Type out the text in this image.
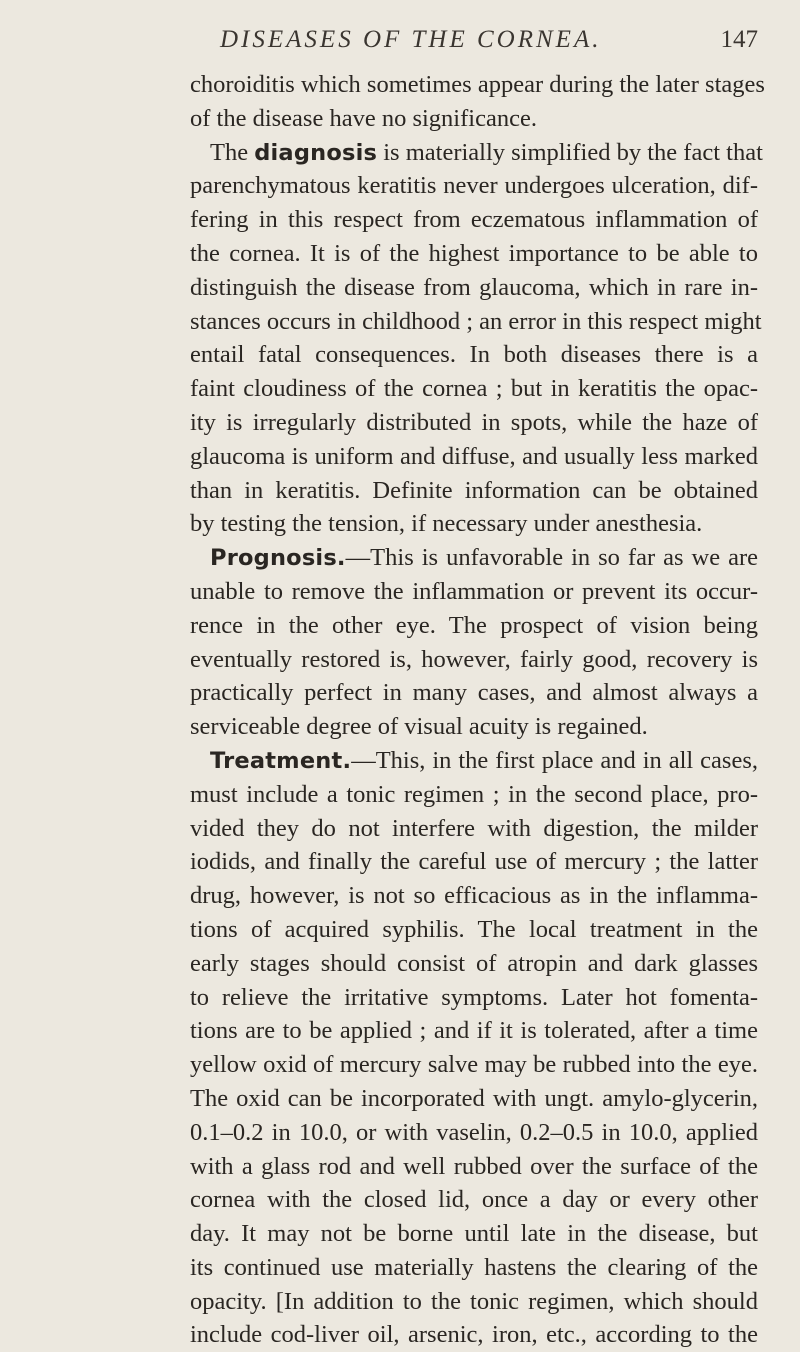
DISEASES OF THE CORNEA.	147
choroiditis which sometimes appear during the later stages
of the disease have no significance.
The diagnosis is materially simplified by the fact that
parenchymatous keratitis never undergoes ulceration, dif-
fering in this respect from eczematous inflammation of
the cornea. It is of the highest importance to be able to
distinguish the disease from glaucoma, which in rare in-
stances occurs in childhood ; an error in this respect might
entail fatal consequences. In both diseases there is a
faint cloudiness of the cornea ; but in keratitis the opac-
ity is irregularly distributed in spots, while the haze of
glaucoma is uniform and diffuse, and usually less marked
than in keratitis. Definite information can be obtained
by testing the tension, if necessary under anesthesia.
Prognosis.—This is unfavorable in so far as we are
unable to remove the inflammation or prevent its occur-
rence in the other eye. The prospect of vision being
eventually restored is, however, fairly good, recovery is
practically perfect in many cases, and almost always a
serviceable degree of visual acuity is regained.
Treatment.—This, in the first place and in all cases,
must include a tonic regimen ; in the second place, pro-
vided they do not interfere with digestion, the milder
iodids, and finally the careful use of mercury ; the latter
drug, however, is not so efficacious as in the inflamma-
tions of acquired syphilis. The local treatment in the
early stages should consist of atropin and dark glasses
to relieve the irritative symptoms. Later hot fomenta-
tions are to be applied ; and if it is tolerated, after a time
yellow oxid of mercury salve may be rubbed into the eye.
The oxid can be incorporated with ungt. amylo-glycerin,
0.1–0.2 in 10.0, or with vaselin, 0.2–0.5 in 10.0, applied
with a glass rod and well rubbed over the surface of the
cornea with the closed lid, once a day or every other
day. It may not be borne until late in the disease, but
its continued use materially hastens the clearing of the
opacity. [In addition to the tonic regimen, which should
include cod-liver oil, arsenic, iron, etc., according to the
